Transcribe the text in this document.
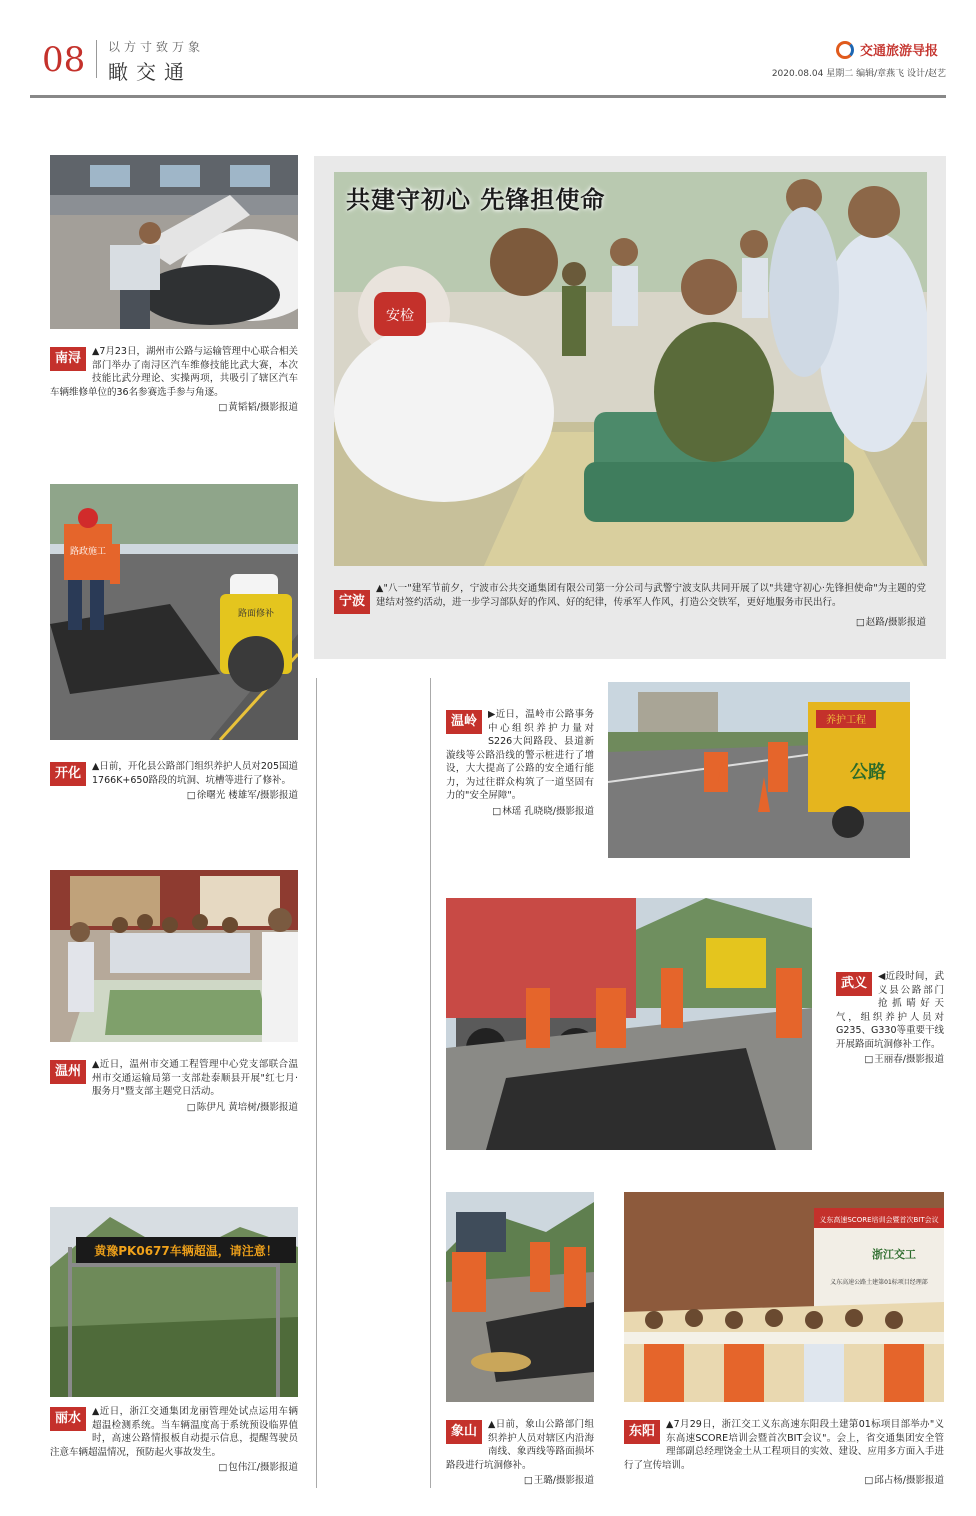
08 以方寸致万象
瞰交通
交通旅游导报
2020.08.04 星期二 编辑/章燕飞 设计/赵艺
安检
共建守初心 先锋担使命
宁波
▲"八一"建军节前夕，宁波市公共交通集团有限公司第一分公司与武警宁波支队共同开展了以"共建守初心·先锋担使命"为主题的党建结对签约活动，进一步学习部队好的作风、好的纪律，传承军人作风，打造公交铁军，更好地服务市民出行。
□ 赵路/摄影报道
南浔	▲7月23日，湖州市公路与运输管理中心联合相关部门举办了南浔区汽车维修技能比武大赛，本次技能比武分理论、实操两项，共吸引了辖区汽车车辆维修单位的36名参赛选手参与角逐。
□ 黄韬韬/摄影报道
路政施工
路面修补
开化	▲日前，开化县公路部门组织养护人员对205国道1766K+650路段的坑洞、坑槽等进行了修补。
□ 徐曙光 楼雄军/摄影报道
温州	▲近日，温州市交通工程管理中心党支部联合温州市交通运输局第一支部赴泰顺县开展"红七月·服务月"暨支部主题党日活动。
□ 陈伊凡 黄培树/摄影报道
黄豫PK0677车辆超温，请注意！
丽水	▲近日，浙江交通集团龙丽管理处试点运用车辆超温检测系统。当车辆温度高于系统预设临界值时，高速公路情报板自动提示信息，提醒驾驶员注意车辆超温情况，预防起火事故发生。
□ 包伟江/摄影报道
温岭	▶近日，温岭市公路事务中心组织养护力量对S226大闾路段、县道新漩线等公路沿线的警示桩进行了增设，大大提高了公路的安全通行能力，为过往群众构筑了一道坚固有力的"安全屏障"。
□ 林瑶 孔晓晓/摄影报道
养护工程
公路
武义	◀近段时间，武义县公路部门抢抓晴好天气，组织养护人员对G235、G330等重要干线开展路面坑洞修补工作。
□ 王丽春/摄影报道
象山	▲日前，象山公路部门组织养护人员对辖区内沿海南线、象西线等路面损坏路段进行坑洞修补。
□ 王璐/摄影报道
义东高速SCORE培训会暨首次BIT会议
浙江交工
义东高速公路土建第01标项目经理部
东阳	▲7月29日，浙江交工义东高速东阳段土建第01标项目部举办"义东高速SCORE培训会暨首次BIT会议"。会上，省交通集团安全管理部副总经理饶金土从工程项目的实效、建设、应用多方面入手进行了宣传培训。
□ 邱占杨/摄影报道
